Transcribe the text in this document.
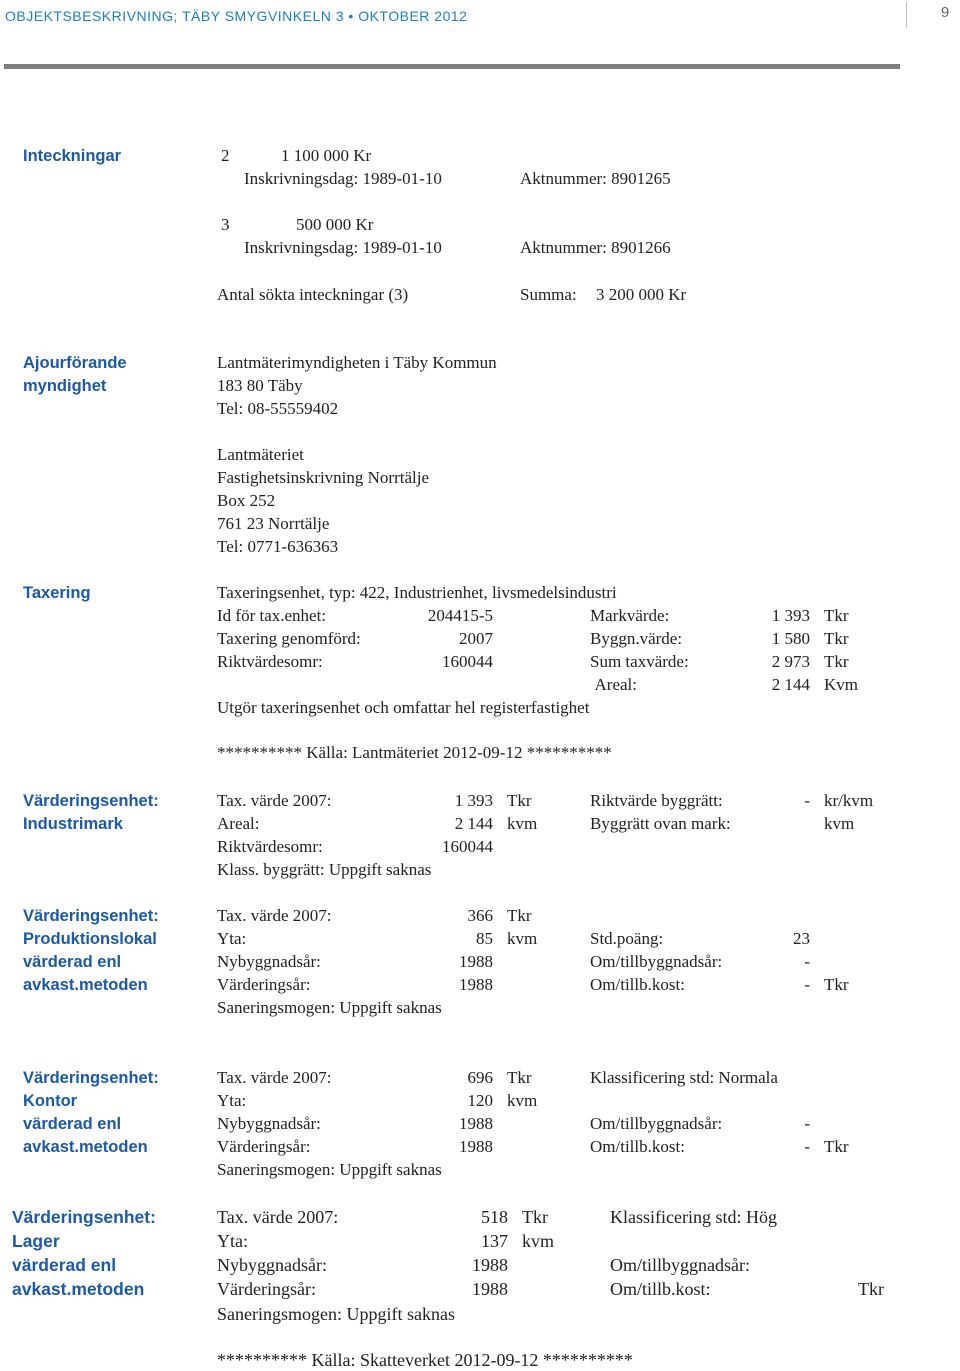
OBJEKTSBESKRIVNING; TÄBY SMYGVINKELN 3 • OKTOBER 2012	9
Inteckningar	2	1 100 000 Kr
Inskrivningsdag: 1989-01-10	Aktnummer: 8901265
3	500 000 Kr
Inskrivningsdag: 1989-01-10	Aktnummer: 8901266
Antal sökta inteckningar (3)	Summa: 3 200 000 Kr
Ajourförande
myndighet
Lantmäterimyndigheten i Täby Kommun
183 80 Täby
Tel: 08-55559402
Lantmäteriet
Fastighetsinskrivning Norrtälje
Box 252
761 23 Norrtälje
Tel: 0771-636363
Taxering	Taxeringsenhet, typ: 422, Industrienhet, livsmedelsindustri
Id för tax.enhet:	204415-5	Markvärde:	1 393 Tkr
Taxering genomförd:	2007	Byggn.värde:	1 580 Tkr
Riktvärdesomr:	160044	Sum taxvärde:	2 973 Tkr
Areal:	2 144 Kvm
Utgör taxeringsenhet och omfattar hel registerfastighet
********** Källa: Lantmäteriet 2012-09-12 **********
Värderingsenhet:
Industrimark
Tax. värde 2007:	1 393 Tkr	Riktvärde byggrätt:	- kr/kvm
Areal:	2 144 kvm	Byggrätt ovan mark:	kvm
Riktvärdesomr:	160044
Klass. byggrätt: Uppgift saknas
Värderingsenhet:
Produktionslokal
värderad enl
avkast.metoden
Tax. värde 2007:	366 Tkr
Yta:	85 kvm	Std.poäng:	23
Nybyggnadsår:	1988	Om/tillbyggnadsår:	-
Värderingsår:	1988	Om/tillb.kost:	- Tkr
Saneringsmogen: Uppgift saknas
Värderingsenhet:
Kontor
värderad enl
avkast.metoden
Tax. värde 2007:	696 Tkr	Klassificering std: Normala
Yta:	120 kvm
Nybyggnadsår:	1988	Om/tillbyggnadsår:	-
Värderingsår:	1988	Om/tillb.kost:	- Tkr
Saneringsmogen: Uppgift saknas
Värderingsenhet:
Lager
värderad enl
avkast.metoden
Tax. värde 2007:	518 Tkr	Klassificering std: Hög
Yta:	137 kvm
Nybyggnadsår:	1988	Om/tillbyggnadsår:
Värderingsår:	1988	Om/tillb.kost:	Tkr
Saneringsmogen: Uppgift saknas
********** Källa: Skatteverket 2012-09-12 **********
